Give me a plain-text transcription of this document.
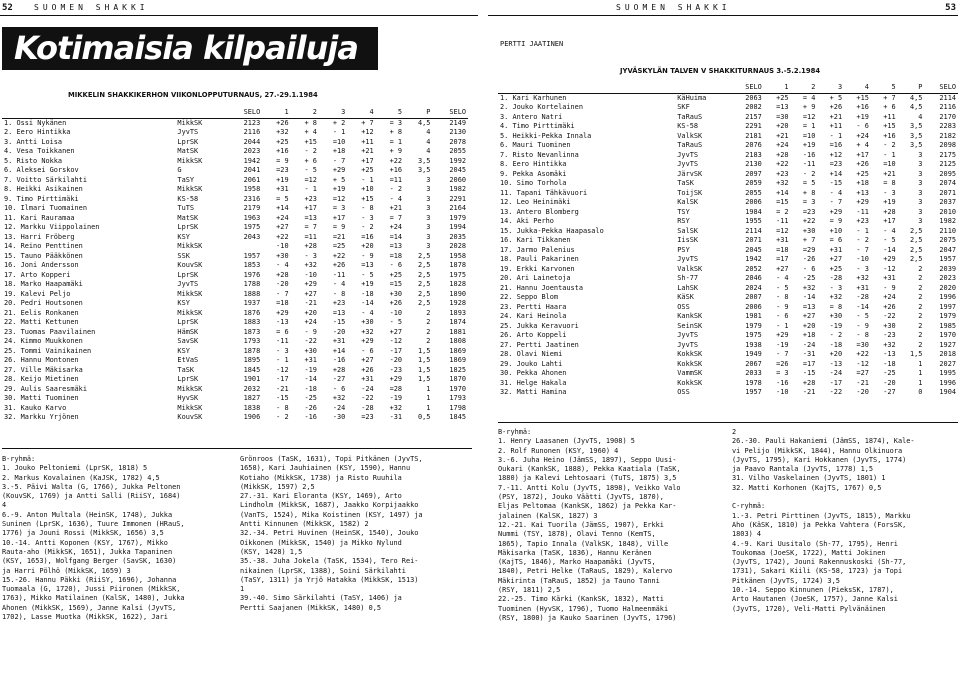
52	SUOMEN SHAKKI
Kotimaisia kilpailuja
MIKKELIN SHAKKIKERHON VIIKONLOPPUTURNAUS, 27.-29.1.1984
		SELO	1	2	3	4	5	P	SELO
1. Ossi Nykänen	MikkSK	2123	+26	+ 8	+ 2	+ 7	= 3	4,5	2149
2. Eero Hintikka	JyvTS	2116	+32	+ 4	- 1	+12	+ 8	4	2130
3. Antti Loisa	LprSK	2044	+25	+15	=10	+11	= 1	4	2078
4. Vesa Toikkanen	MatSK	2023	+16	- 2	+18	+21	+ 9	4	2055
5. Risto Nokka	MikkSK	1942	= 9	+ 6	- 7	+17	+22	3,5	1992
6. Aleksei Gorskov	G	2041	=23	- 5	+29	+25	+16	3,5	2045
7. Voitto Särkilahti	TaSY	2061	+19	=12	+ 5	- 1	=11	3	2060
8. Heikki Asikainen	MikkSK	1958	+31	- 1	+19	+10	- 2	3	1982
9. Timo Pirttimäki	KS-58	2316	= 5	+23	=12	+15	- 4	3	2291
10. Ilmari Tuomainen	TuTS	2179	+14	+17	= 3	- 8	+21	3	2164
11. Kari Rauramaa	MatSK	1963	+24	=13	+17	- 3	= 7	3	1979
12. Markku Viippolainen	LprSK	1975	+27	= 7	= 9	- 2	+24	3	1994
13. Harri Fröberg	KSY	2043	+22	=11	=21	=16	=14	3	2035
14. Reino Penttinen	MikkSK		-10	+28	=25	+20	=13	3	2028
15. Tauno Pääkkönen	SSK	1957	+30	- 3	+22	- 9	=18	2,5	1958
16. Joni Andersson	KouvSK	1853	- 4	+32	+26	=13	- 6	2,5	1878
17. Arto Kopperi	LprSK	1976	+28	-10	-11	- 5	+25	2,5	1975
18. Marko Haapamäki	JyvTS	1788	-20	+29	- 4	+19	=15	2,5	1828
19. Kalevi Peljo	MikkSK	1888	- 7	+27	- 8	-18	+30	2,5	1890
20. Pedri Houtsonen	KSY	1937	=18	-21	+23	-14	+26	2,5	1928
21. Eelis Ronkanen	MikkSK	1876	+29	+20	=13	- 4	-10	2	1893
22. Matti Kettunen	LprSK	1883	-13	+24	-15	+30	- 5	2	1874
23. Tuomas Paavilainen	HämSK	1873	= 6	- 9	-20	+32	+27	2	1881
24. Kimmo Muukkonen	SavSK	1793	-11	-22	+31	+29	-12	2	1808
25. Tommi Vainikainen	KSY	1878	- 3	+30	+14	- 6	-17	1,5	1869
26. Hannu Montonen	EtVaS	1895	- 1	+31	-16	+27	-20	1,5	1869
27. Ville Mäkisarka	TaSK	1845	-12	-19	+28	+26	-23	1,5	1825
28. Keijo Mietinen	LprSK	1901	-17	-14	-27	+31	+29	1,5	1870
29. Aulis Saaresmäki	MikkSK	2032	-21	-18	- 6	-24	=28	1	1970
30. Matti Tuominen	HyvSK	1827	-15	-25	+32	-22	-19	1	1793
31. Kauko Karvo	MikkSK	1838	- 8	-26	-24	-28	+32	1	1798
32. Markku Yrjönen	KouvSK	1906	- 2	-16	-30	=23	-31	0,5	1845
B-ryhmä:
1. Jouko Peltoniemi (LprSK, 1818) 5
2. Markus Kovalainen (KaJSK, 1782) 4,5
3.-5. Päivi Walta (G, 1766), Jukka Peltonen
(KouvSK, 1769) ja Antti Salli (RiiSY, 1684)
4
6.-9. Anton Multala (HeinSK, 1748), Jukka
Suninen (LprSK, 1636), Tuure Immonen (HRauS,
1776) ja Jouni Rossi (MikkSK, 1656) 3,5
10.-14. Antti Koponen (KSY, 1767), Mikko
Rauta-aho (MikkSK, 1651), Jukka Tapaninen
(KSY, 1653), Wolfgang Berger (SavSK, 1630)
ja Harri Pölhö (MikkSK, 1659) 3
15.-26. Hannu Päkki (RiiSY, 1696), Johanna
Tuomaala (G, 1720), Jussi Piironen (MikkSK,
1763), Mikko Matilainen (KalSK, 1480), Jukka
Ahonen (MikkSK, 1569), Janne Kalsi (JyvTS,
1702), Lasse Muotka (MikkSK, 1622), Jari
Grönroos (TaSK, 1631), Topi Pitkänen (JyvTS,
1658), Kari Jauhiainen (KSY, 1590), Hannu
Kotiaho (MikkSK, 1738) ja Risto Ruuhila
(MikkSK, 1597) 2,5
27.-31. Kari Eloranta (KSY, 1469), Arto
Lindholm (MikkSK, 1687), Jaakko Korpijaakko
(VanTS, 1524), Mika Koistinen (KSY, 1497) ja
Antti Kinnunen (MikkSK, 1582) 2
32.-34. Petri Huvinen (HeinSK, 1540), Jouko
Oikkonen (MikkSK, 1540) ja Mikko Nylund
(KSY, 1428) 1,5
35.-38. Juha Jokela (TaSK, 1534), Tero Rei-
nikainen (LprSK, 1388), Soini Särkilahti
(TaSY, 1311) ja Yrjö Hatakka (MikkSK, 1513)
1
39.-40. Simo Särkilahti (TaSY, 1406) ja
Pertti Saajanen (MikkSK, 1480) 0,5
SUOMEN SHAKKI	53
PERTTI JAATINEN
JYVÄSKYLÄN TALVEN V SHAKKITURNAUS 3.-5.2.1984
		SELO	1	2	3	4	5	P	SELO
1. Kari Karhunen	KäHuima	2063	+25	= 4	+ 5	+15	+ 7	4,5	2114
2. Jouko Kortelainen	SKF	2082	=13	+ 9	+26	+16	+ 6	4,5	2116
3. Antero Natri	TaRauS	2157	=30	=12	+21	+19	+11	4	2170
4. Timo Pirttimäki	KS-58	2291	+20	= 1	+11	- 6	+15	3,5	2283
5. Heikki-Pekka Innala	ValkSK	2181	+21	=10	- 1	+24	+16	3,5	2182
6. Mauri Tuominen	TaRauS	2076	+24	+19	=16	+ 4	- 2	3,5	2098
7. Risto Nevanlinna	JyvTS	2183	+28	-16	+12	+17	- 1	3	2175
8. Eero Hintikka	JyvTS	2130	+22	-11	=23	+26	=10	3	2125
9. Pekka Asomäki	JärvSK	2097	+23	- 2	+14	+25	+21	3	2095
10. Simo Torhola	TaSK	2059	+32	= 5	-15	+18	= 8	3	2074
11. Tapani Tähkävuori	ToijSK	2055	+14	+ 8	- 4	+13	- 3	3	2071
12. Leo Heinimäki	KalSK	2006	=15	= 3	- 7	+29	+19	3	2037
13. Antero Blomberg	TSY	1984	= 2	=23	+29	-11	+28	3	2010
14. Aki Perho	RSY	1955	-11	+22	= 9	+23	+17	3	1982
15. Jukka-Pekka Haapasalo	SalSK	2114	=12	+30	+10	- 1	- 4	2,5	2110
16. Kari Tikkanen	IisSK	2071	+31	+ 7	= 6	- 2	- 5	2,5	2075
17. Jarmo Palenius	PSY	2045	=18	=29	+31	- 7	-14	2,5	2047
18. Pauli Pakarinen	JyvTS	1942	=17	-26	+27	-10	+29	2,5	1957
19. Erkki Karvonen	ValkSK	2052	+27	- 6	+25	- 3	-12	2	2039
20. Ari Lainetoja	Sh-77	2046	- 4	-25	-28	+32	+31	2	2023
21. Hannu Joentausta	LahSK	2024	- 5	+32	- 3	+31	- 9	2	2020
22. Seppo Blom	KäSK	2007	- 8	-14	+32	-28	+24	2	1996
23. Pertti Haara	OSS	2006	- 9	=13	= 8	-14	+26	2	1997
24. Kari Heinola	KankSK	1981	- 6	+27	+30	- 5	-22	2	1979
25. Jukka Keravuori	SeinSK	1979	- 1	+20	-19	- 9	+30	2	1985
26. Arto Koppeli	JyvTS	1975	+29	+18	- 2	- 8	-23	2	1970
27. Pertti Jaatinen	JyvTS	1938	-19	-24	-18	=30	+32	2	1927
28. Olavi Niemi	KokkSK	1949	- 7	-31	+20	+22	-13	1,5	2018
29. Jouko Lahti	KokkSK	2067	=26	=17	-13	-12	-18	1	2027
30. Pekka Ahonen	VammSK	2033	= 3	-15	-24	=27	-25	1	1995
31. Helge Hakala	KokkSK	1978	-16	+28	-17	-21	-20	1	1996
32. Matti Hamina	OSS	1957	-10	-21	-22	-20	-27	0	1904
B-ryhmä:
1. Henry Laasanen (JyvTS, 1908) 5
2. Rolf Runonen (KSY, 1960) 4
3.-6. Juha Heino (JämSS, 1897), Seppo Uusi-
Oukari (KankSK, 1888), Pekka Kaatiala (TaSK,
1880) ja Kalevi Lehtosaari (TuTS, 1875) 3,5
7.-11. Antti Kolu (JyvTS, 1898), Veikko Valo
(PSY, 1872), Jouko Väätti (JyvTS, 1870),
Eljas Peltomaa (KankSK, 1862) ja Pekka Kar-
jalainen (KalSK, 1827) 3
12.-21. Kai Tuorila (JämSS, 1907), Erkki
Nummi (TSY, 1878), Olavi Tenno (KemTS,
1865), Tapio Innala (ValkSK, 1848), Ville
Mäkisarka (TaSK, 1836), Hannu Keränen
(KajTS, 1846), Marko Haapamäki (JyvTS,
1840), Petri Helke (TaRauS, 1829), Kalervo
Mäkirinta (TaRauS, 1852) ja Tauno Tanni
(RSY, 1811) 2,5
22.-25. Timo Kärki (KankSK, 1832), Matti
Tuominen (HyvSK, 1796), Tuomo Halmeenmäki
(RSY, 1800) ja Kauko Saarinen (JyvTS, 1796)
2
26.-30. Pauli Hakaniemi (JämSS, 1874), Kale-
vi Pelijo (MikkSK, 1844), Hannu Olkinuora
(JyvTS, 1795), Kari Hokkanen (JyvTS, 1774)
ja Paavo Rantala (JyvTS, 1778) 1,5
31. Vilho Vaskelainen (JyvTS, 1801) 1
32. Matti Korhonen (KajTS, 1767) 0,5

C-ryhmä:
1.-3. Petri Pirttinen (JyvTS, 1815), Markku
Aho (KäSK, 1810) ja Pekka Vahtera (ForsSK,
1803) 4
4.-9. Kari Uusitalo (Sh-77, 1795), Henri
Toukomaa (JoeSK, 1722), Matti Jokinen
(JyvTS, 1742), Jouni Rakennuskoski (Sh-77,
1731), Sakari Kiili (KS-58, 1723) ja Topi
Pitkänen (JyvTS, 1724) 3,5
10.-14. Seppo Kinnunen (PieksSK, 1787),
Arto Hautanen (JoeSK, 1757), Janne Kalsi
(JyvTS, 1720), Veli-Matti Pylvänäinen
